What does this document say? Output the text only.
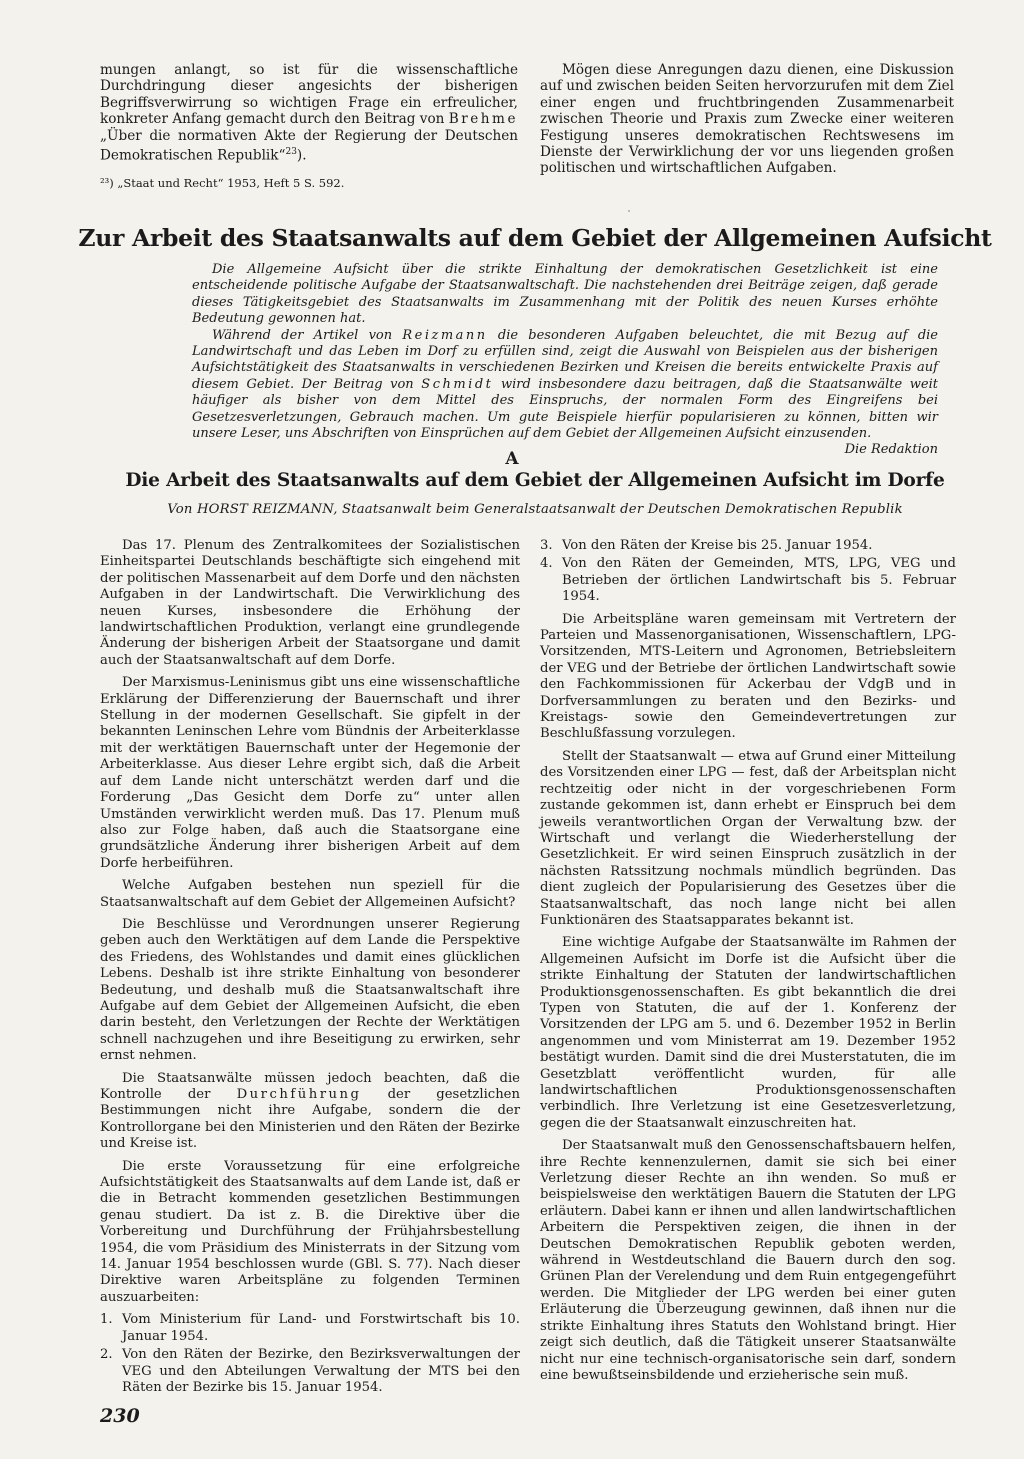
mungen anlangt, so ist für die wissenschaftliche Durchdringung dieser angesichts der bisherigen Begriffsverwirrung so wichtigen Frage ein erfreulicher, konkreter Anfang gemacht durch den Beitrag von Brehme „Über die normativen Akte der Regierung der Deutschen Demokratischen Republik“$^{23}$).

²³) „Staat und Recht“ 1953, Heft 5 S. 592.

Mögen diese Anregungen dazu dienen, eine Diskussion auf und zwischen beiden Seiten hervorzurufen mit dem Ziel einer engen und fruchtbringenden Zusammenarbeit zwischen Theorie und Praxis zum Zwecke einer weiteren Festigung unseres demokratischen Rechtswesens im Dienste der Verwirklichung der vor uns liegenden großen politischen und wirtschaftlichen Aufgaben.

Zur Arbeit des Staatsanwalts auf dem Gebiet der Allgemeinen Aufsicht

Die Allgemeine Aufsicht über die strikte Einhaltung der demokratischen Gesetzlichkeit ist eine entscheidende politische Aufgabe der Staatsanwaltschaft. Die nachstehenden drei Beiträge zeigen, daß gerade dieses Tätigkeitsgebiet des Staatsanwalts im Zusammenhang mit der Politik des neuen Kurses erhöhte Bedeutung gewonnen hat.

Während der Artikel von Reizmann die besonderen Aufgaben beleuchtet, die mit Bezug auf die Landwirtschaft und das Leben im Dorf zu erfüllen sind, zeigt die Auswahl von Beispielen aus der bisherigen Aufsichtstätigkeit des Staatsanwalts in verschiedenen Bezirken und Kreisen die bereits entwickelte Praxis auf diesem Gebiet. Der Beitrag von Schmidt wird insbesondere dazu beitragen, daß die Staatsanwälte weit häufiger als bisher von dem Mittel des Einspruchs, der normalen Form des Eingreifens bei Gesetzesverletzungen, Gebrauch machen. Um gute Beispiele hierfür popularisieren zu können, bitten wir unsere Leser, uns Abschriften von Einsprüchen auf dem Gebiet der Allgemeinen Aufsicht einzusenden.

Die Redaktion
A
Die Arbeit des Staatsanwalts auf dem Gebiet der Allgemeinen Aufsicht im Dorfe
Von HORST REIZMANN, Staatsanwalt beim Generalstaatsanwalt der Deutschen Demokratischen Republik

Das 17. Plenum des Zentralkomitees der Sozialistischen Einheitspartei Deutschlands beschäftigte sich eingehend mit der politischen Massenarbeit auf dem Dorfe und den nächsten Aufgaben in der Landwirtschaft. Die Verwirklichung des neuen Kurses, insbesondere die Erhöhung der landwirtschaftlichen Produktion, verlangt eine grundlegende Änderung der bisherigen Arbeit der Staatsorgane und damit auch der Staatsanwaltschaft auf dem Dorfe.

Der Marxismus-Leninismus gibt uns eine wissenschaftliche Erklärung der Differenzierung der Bauernschaft und ihrer Stellung in der modernen Gesellschaft. Sie gipfelt in der bekannten Leninschen Lehre vom Bündnis der Arbeiterklasse mit der werktätigen Bauernschaft unter der Hegemonie der Arbeiterklasse. Aus dieser Lehre ergibt sich, daß die Arbeit auf dem Lande nicht unterschätzt werden darf und die Forderung „Das Gesicht dem Dorfe zu“ unter allen Umständen verwirklicht werden muß. Das 17. Plenum muß also zur Folge haben, daß auch die Staatsorgane eine grundsätzliche Änderung ihrer bisherigen Arbeit auf dem Dorfe herbeiführen.

Welche Aufgaben bestehen nun speziell für die Staatsanwaltschaft auf dem Gebiet der Allgemeinen Aufsicht?

Die Beschlüsse und Verordnungen unserer Regierung geben auch den Werktätigen auf dem Lande die Perspektive des Friedens, des Wohlstandes und damit eines glücklichen Lebens. Deshalb ist ihre strikte Einhaltung von besonderer Bedeutung, und deshalb muß die Staatsanwaltschaft ihre Aufgabe auf dem Gebiet der Allgemeinen Aufsicht, die eben darin besteht, den Verletzungen der Rechte der Werktätigen schnell nachzugehen und ihre Beseitigung zu erwirken, sehr ernst nehmen.

Die Staatsanwälte müssen jedoch beachten, daß die Kontrolle der Durchführung der gesetzlichen Bestimmungen nicht ihre Aufgabe, sondern die der Kontrollorgane bei den Ministerien und den Räten der Bezirke und Kreise ist.

Die erste Voraussetzung für eine erfolgreiche Aufsichtstätigkeit des Staatsanwalts auf dem Lande ist, daß er die in Betracht kommenden gesetzlichen Bestimmungen genau studiert. Da ist z. B. die Direktive über die Vorbereitung und Durchführung der Frühjahrsbestellung 1954, die vom Präsidium des Ministerrats in der Sitzung vom 14. Januar 1954 beschlossen wurde (GBl. S. 77). Nach dieser Direktive waren Arbeitspläne zu folgenden Terminen auszuarbeiten:

1. Vom Ministerium für Land- und Forstwirtschaft bis 10. Januar 1954.
2. Von den Räten der Bezirke, den Bezirksverwaltungen der VEG und den Abteilungen Verwaltung der MTS bei den Räten der Bezirke bis 15. Januar 1954.
3. Von den Räten der Kreise bis 25. Januar 1954.
4. Von den Räten der Gemeinden, MTS, LPG, VEG und Betrieben der örtlichen Landwirtschaft bis 5. Februar 1954.

Die Arbeitspläne waren gemeinsam mit Vertretern der Parteien und Massenorganisationen, Wissenschaftlern, LPG-Vorsitzenden, MTS-Leitern und Agronomen, Betriebsleitern der VEG und der Betriebe der örtlichen Landwirtschaft sowie den Fachkommissionen für Ackerbau der VdgB und in Dorfversammlungen zu beraten und den Bezirks- und Kreistags- sowie den Gemeindevertretungen zur Beschlußfassung vorzulegen.

Stellt der Staatsanwalt — etwa auf Grund einer Mitteilung des Vorsitzenden einer LPG — fest, daß der Arbeitsplan nicht rechtzeitig oder nicht in der vorgeschriebenen Form zustande gekommen ist, dann erhebt er Einspruch bei dem jeweils verantwortlichen Organ der Verwaltung bzw. der Wirtschaft und verlangt die Wiederherstellung der Gesetzlichkeit. Er wird seinen Einspruch zusätzlich in der nächsten Ratssitzung nochmals mündlich begründen. Das dient zugleich der Popularisierung des Gesetzes über die Staatsanwaltschaft, das noch lange nicht bei allen Funktionären des Staatsapparates bekannt ist.

Eine wichtige Aufgabe der Staatsanwälte im Rahmen der Allgemeinen Aufsicht im Dorfe ist die Aufsicht über die strikte Einhaltung der Statuten der landwirtschaftlichen Produktionsgenossenschaften. Es gibt bekanntlich die drei Typen von Statuten, die auf der 1. Konferenz der Vorsitzenden der LPG am 5. und 6. Dezember 1952 in Berlin angenommen und vom Ministerrat am 19. Dezember 1952 bestätigt wurden. Damit sind die drei Musterstatuten, die im Gesetzblatt veröffentlicht wurden, für alle landwirtschaftlichen Produktionsgenossenschaften verbindlich. Ihre Verletzung ist eine Gesetzesverletzung, gegen die der Staatsanwalt einzuschreiten hat.

Der Staatsanwalt muß den Genossenschaftsbauern helfen, ihre Rechte kennenzulernen, damit sie sich bei einer Verletzung dieser Rechte an ihn wenden. So muß er beispielsweise den werktätigen Bauern die Statuten der LPG erläutern. Dabei kann er ihnen und allen landwirtschaftlichen Arbeitern die Perspektiven zeigen, die ihnen in der Deutschen Demokratischen Republik geboten werden, während in Westdeutschland die Bauern durch den sog. Grünen Plan der Verelendung und dem Ruin entgegengeführt werden. Die Mitglieder der LPG werden bei einer guten Erläuterung die Überzeugung gewinnen, daß ihnen nur die strikte Einhaltung ihres Statuts den Wohlstand bringt. Hier zeigt sich deutlich, daß die Tätigkeit unserer Staatsanwälte nicht nur eine technisch-organisatorische sein darf, sondern eine bewußtseinsbildende und erzieherische sein muß.

230
